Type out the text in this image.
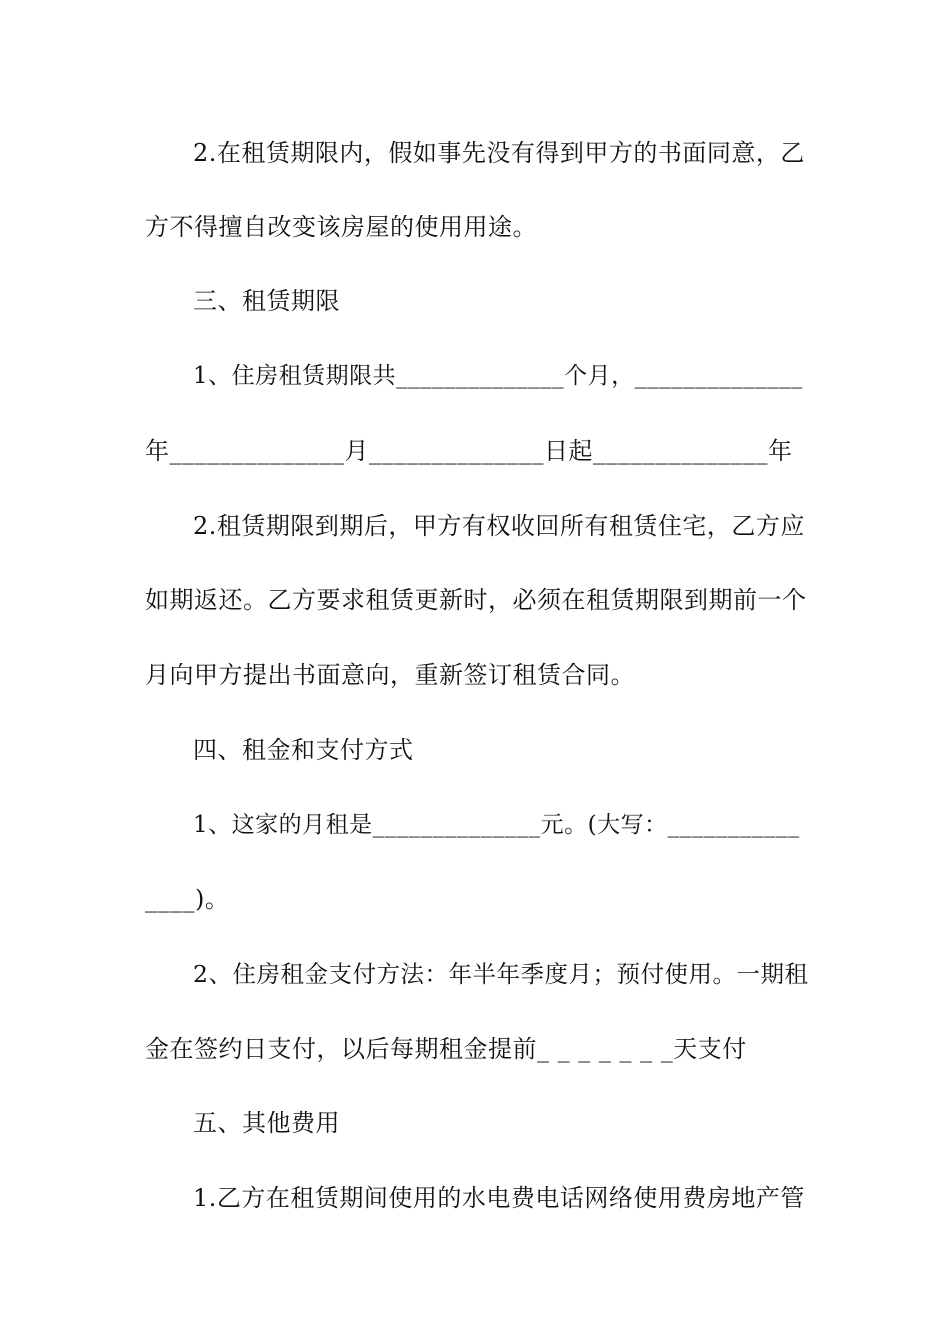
2.在租赁期限内，假如事先没有得到甲方的书面同意，乙
方不得擅自改变该房屋的使用用途。
三、租赁期限
1、住房租赁期限共______________个月，______________
年______________月______________日起______________年
2.租赁期限到期后，甲方有权收回所有租赁住宅，乙方应
如期返还。乙方要求租赁更新时，必须在租赁期限到期前一个
月向甲方提出书面意向，重新签订租赁合同。
四、租金和支付方式
1、这家的月租是______________元。(大写：___________
____)。
2、住房租金支付方法：年半年季度月；预付使用。一期租
金在签约日支付，以后每期租金提前_ _ _ _ _ _ _天支付
五、其他费用
1.乙方在租赁期间使用的水电费电话网络使用费房地产管
